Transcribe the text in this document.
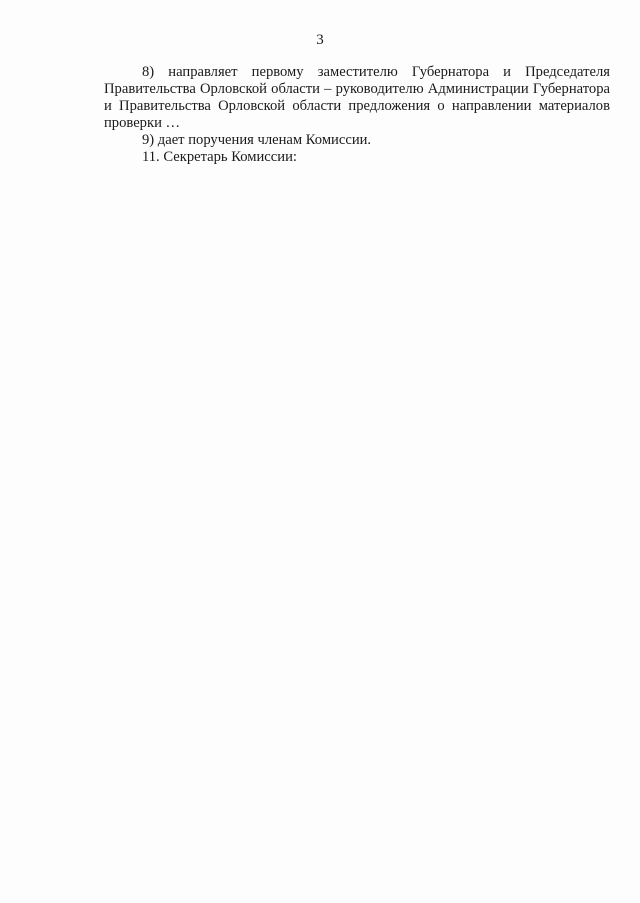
3

8) направляет первому заместителю Губернатора и Председателя Правительства Орловской области – руководителю Администрации Губернатора и Правительства Орловской области предложения о направлении материалов проверки …

9) дает поручения членам Комиссии.

11. Секретарь Комиссии:
